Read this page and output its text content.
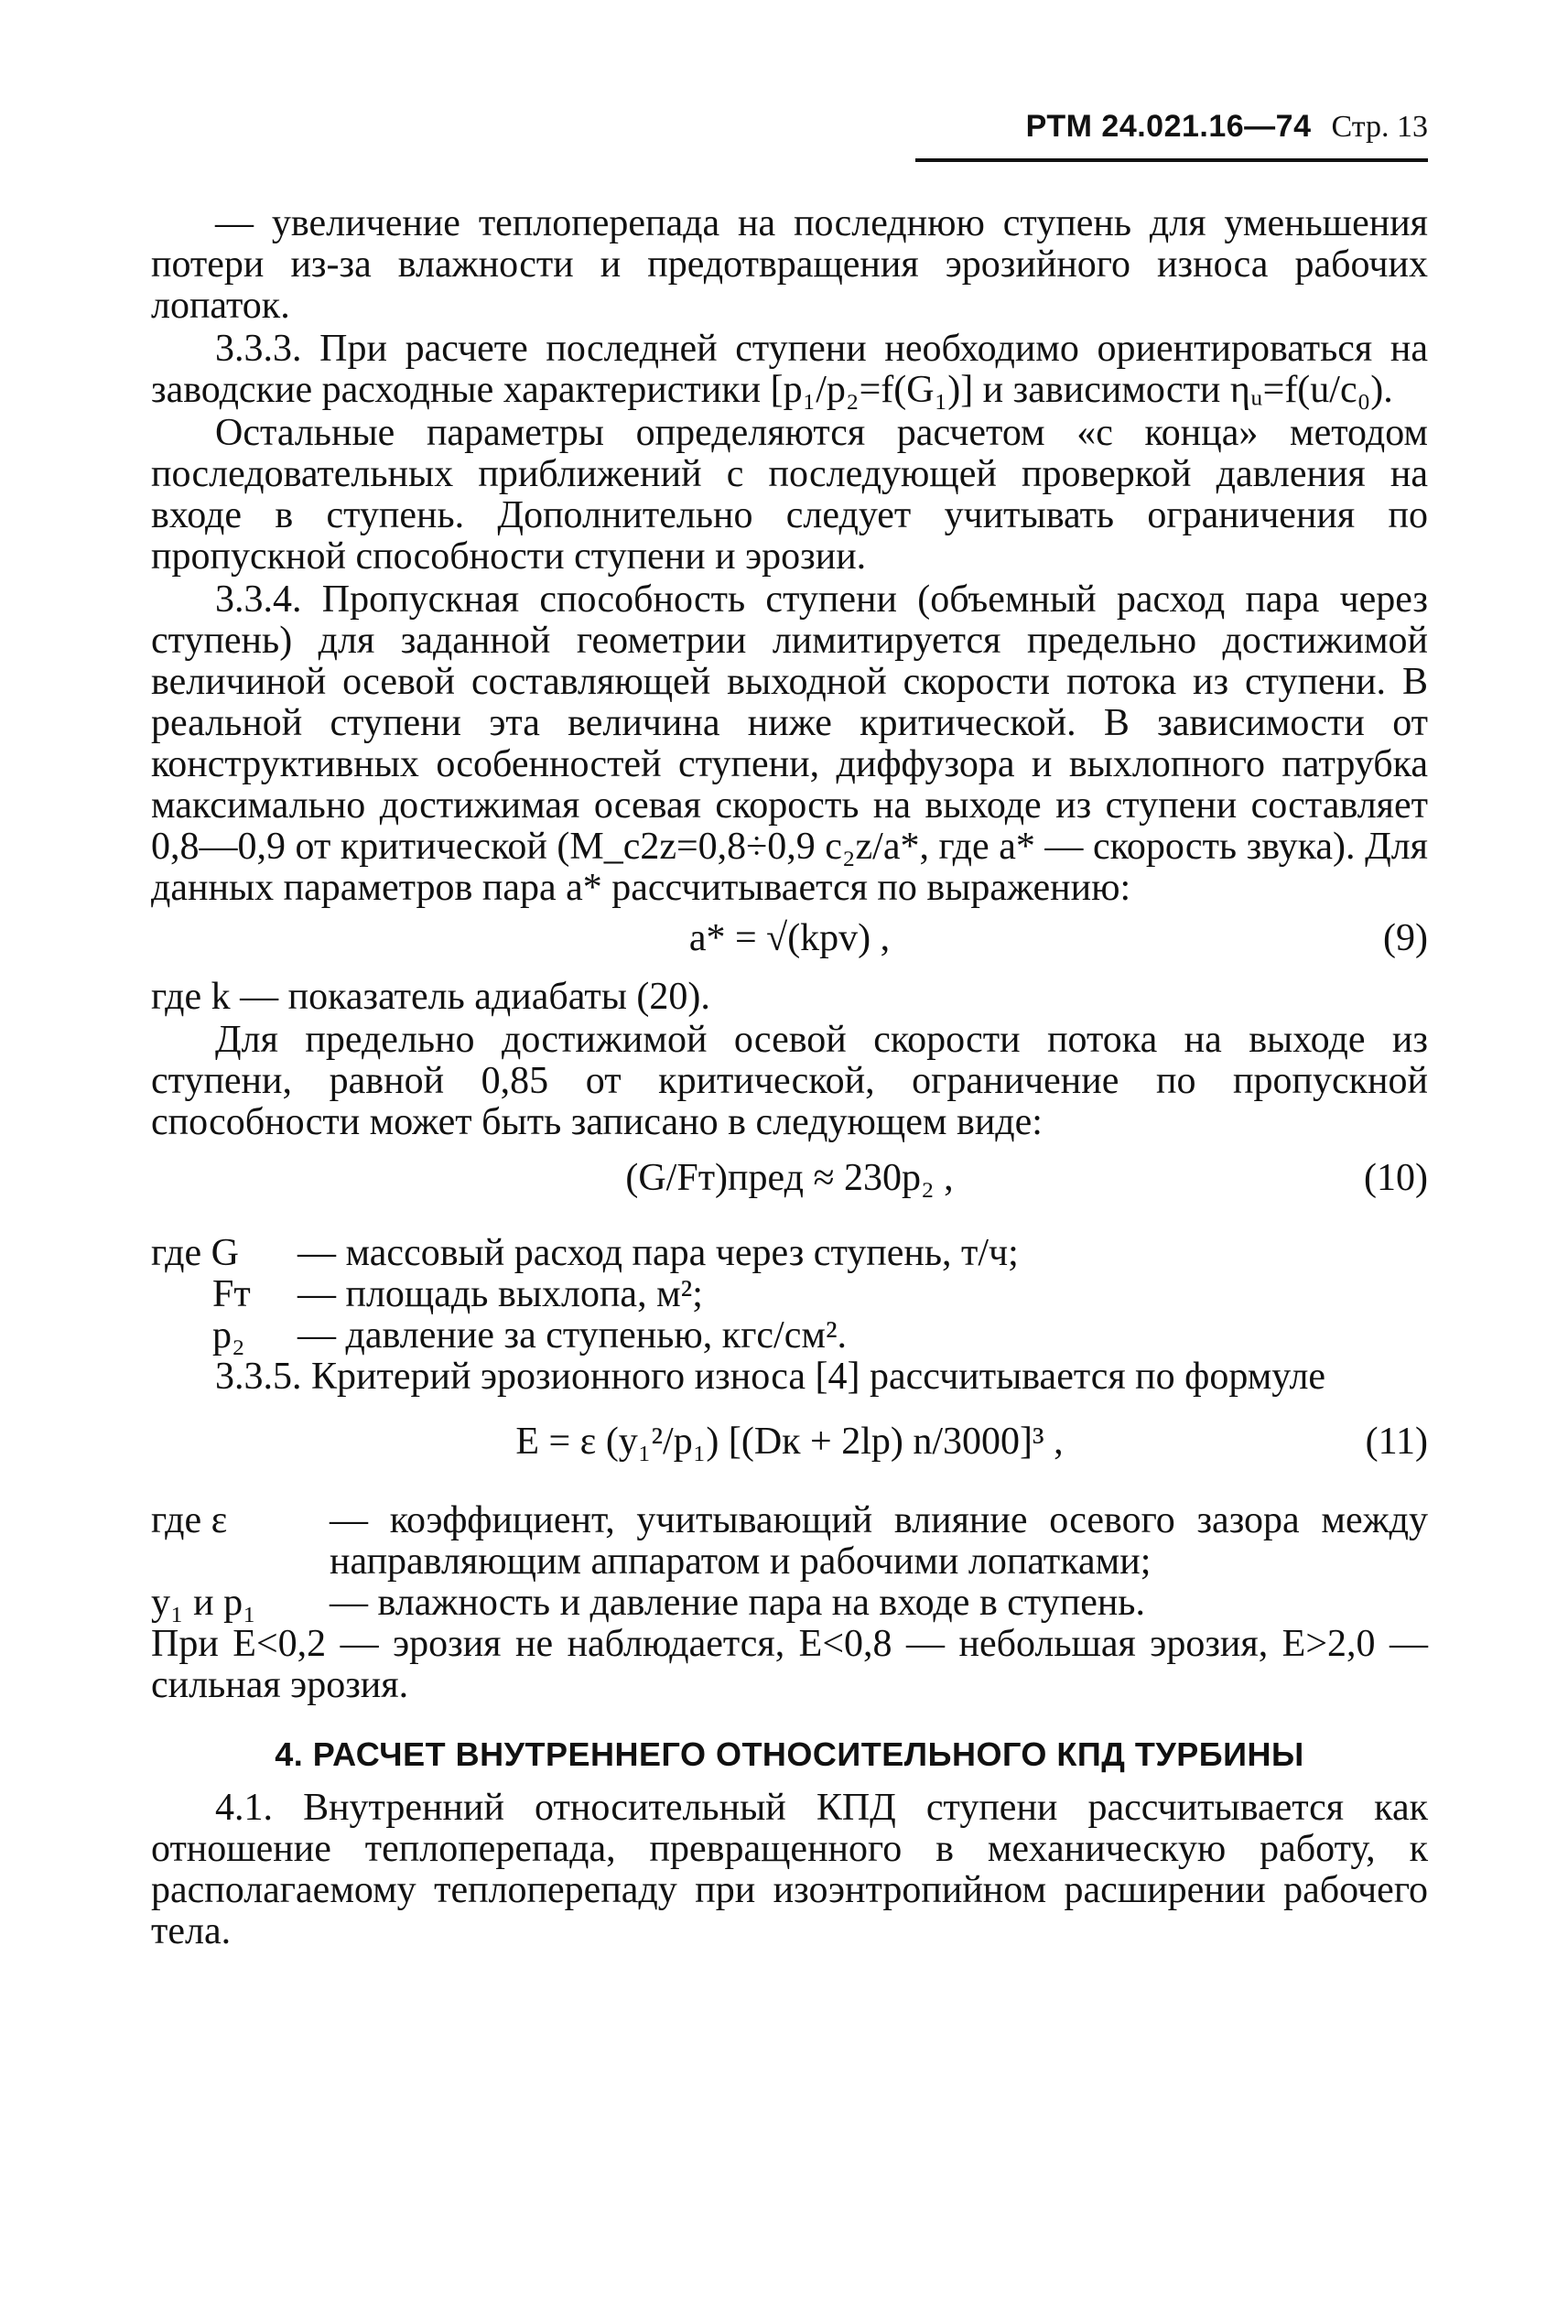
РТМ 24.021.16—74 Стр. 13

— увеличение теплоперепада на последнюю ступень для уменьшения потери из-за влажности и предотвращения эрозийного износа рабочих лопаток.

3.3.3. При расчете последней ступени необходимо ориентироваться на заводские расходные характеристики [p₁/p₂=f(G₁)] и зависимости ηᵤ=f(u/c₀).

Остальные параметры определяются расчетом «с конца» методом последовательных приближений с последующей проверкой давления на входе в ступень. Дополнительно следует учитывать ограничения по пропускной способности ступени и эрозии.

3.3.4. Пропускная способность ступени (объемный расход пара через ступень) для заданной геометрии лимитируется предельно достижимой величиной осевой составляющей выходной скорости потока из ступени. В реальной ступени эта величина ниже критической. В зависимости от конструктивных особенностей ступени, диффузора и выхлопного патрубка максимально достижимая осевая скорость на выходе из ступени составляет 0,8—0,9 от критической (M_c2z=0,8÷0,9 c₂z/a*, где a* — скорость звука). Для данных параметров пара a* рассчитывается по выражению:

a* = √(kpv) ,	(9)

где k — показатель адиабаты (20).

Для предельно достижимой осевой скорости потока на выходе из ступени, равной 0,85 от критической, ограничение по пропускной способности может быть записано в следующем виде:

(G/Fт)пред ≈ 230p₂ ,	(10)
где G	— массовый расход пара через ступень, т/ч;
Fт	— площадь выхлопа, м²;
p₂	— давление за ступенью, кгс/см².

3.3.5. Критерий эрозионного износа [4] рассчитывается по формуле

E = ε (y₁²/p₁) [(Dк + 2lр) n/3000]³ ,	(11)
где ε	— коэффициент, учитывающий влияние осевого зазора между направляющим аппаратом и рабочими лопатками;
y₁ и p₁	— влажность и давление пара на входе в ступень.

При E<0,2 — эрозия не наблюдается, E<0,8 — небольшая эрозия, E>2,0 — сильная эрозия.

4. РАСЧЕТ ВНУТРЕННЕГО ОТНОСИТЕЛЬНОГО КПД ТУРБИНЫ

4.1. Внутренний относительный КПД ступени рассчитывается как отношение теплоперепада, превращенного в механическую работу, к располагаемому теплоперепаду при изоэнтропийном расширении рабочего тела.
